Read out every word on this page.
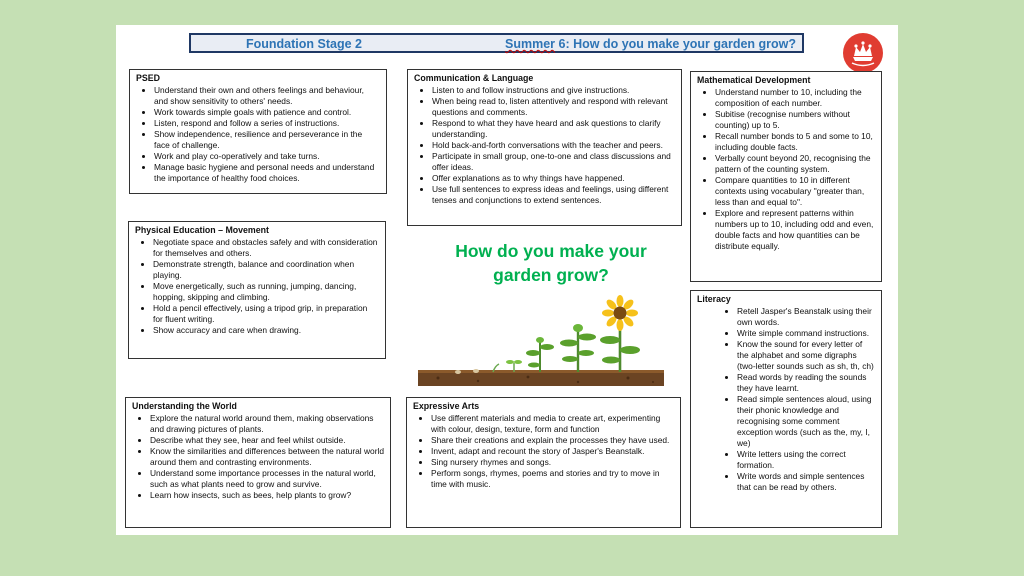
Foundation Stage 2	Summer 6: How do you make your garden grow?
PSED
• Understand their own and others feelings and behaviour, and show sensitivity to others' needs.
• Work towards simple goals with patience and control.
• Listen, respond and follow a series of instructions.
• Show independence, resilience and perseverance in the face of challenge.
• Work and play co-operatively and take turns.
• Manage basic hygiene and personal needs and understand the importance of healthy food choices.
Communication & Language
• Listen to and follow instructions and give instructions.
• When being read to, listen attentively and respond with relevant questions and comments.
• Respond to what they have heard and ask questions to clarify understanding.
• Hold back-and-forth conversations with the teacher and peers.
• Participate in small group, one-to-one and class discussions and offer ideas.
• Offer explanations as to why things have happened.
• Use full sentences to express ideas and feelings, using different tenses and conjunctions to extend sentences.
Mathematical Development
• Understand number to 10, including the composition of each number.
• Subitise (recognise numbers without counting) up to 5.
• Recall number bonds to 5 and some to 10, including double facts.
• Verbally count beyond 20, recognising the pattern of the counting system.
• Compare quantities to 10 in different contexts using vocabulary "greater than, less than and equal to".
• Explore and represent patterns within numbers up to 10, including odd and even, double facts and how quantities can be distribute equally.
Physical Education – Movement
• Negotiate space and obstacles safely and with consideration for themselves and others.
• Demonstrate strength, balance and coordination when playing.
• Move energetically, such as running, jumping, dancing, hopping, skipping and climbing.
• Hold a pencil effectively, using a tripod grip, in preparation for fluent writing.
• Show accuracy and care when drawing.
How do you make your
garden grow?
Literacy
• Retell Jasper's Beanstalk using their own words.
• Write simple command instructions.
• Know the sound for every letter of the alphabet and some digraphs (two-letter sounds such as sh, th, ch)
• Read words by reading the sounds they have learnt.
• Read simple sentences aloud, using their phonic knowledge and recognising some comment exception words (such as the, my, I, we)
• Write letters using the correct formation.
• Write words and simple sentences that can be read by others.
Understanding the World
• Explore the natural world around them, making observations and drawing pictures of plants.
• Describe what they see, hear and feel whilst outside.
• Know the similarities and differences between the natural world around them and contrasting environments.
• Understand some importance processes in the natural world, such as what plants need to grow and survive.
• Learn how insects, such as bees, help plants to grow?
Expressive Arts
• Use different materials and media to create art, experimenting with colour, design, texture, form and function
• Share their creations and explain the processes they have used.
• Invent, adapt and recount the story of Jasper's Beanstalk.
• Sing nursery rhymes and songs.
• Perform songs, rhymes, poems and stories and try to move in time with music.
